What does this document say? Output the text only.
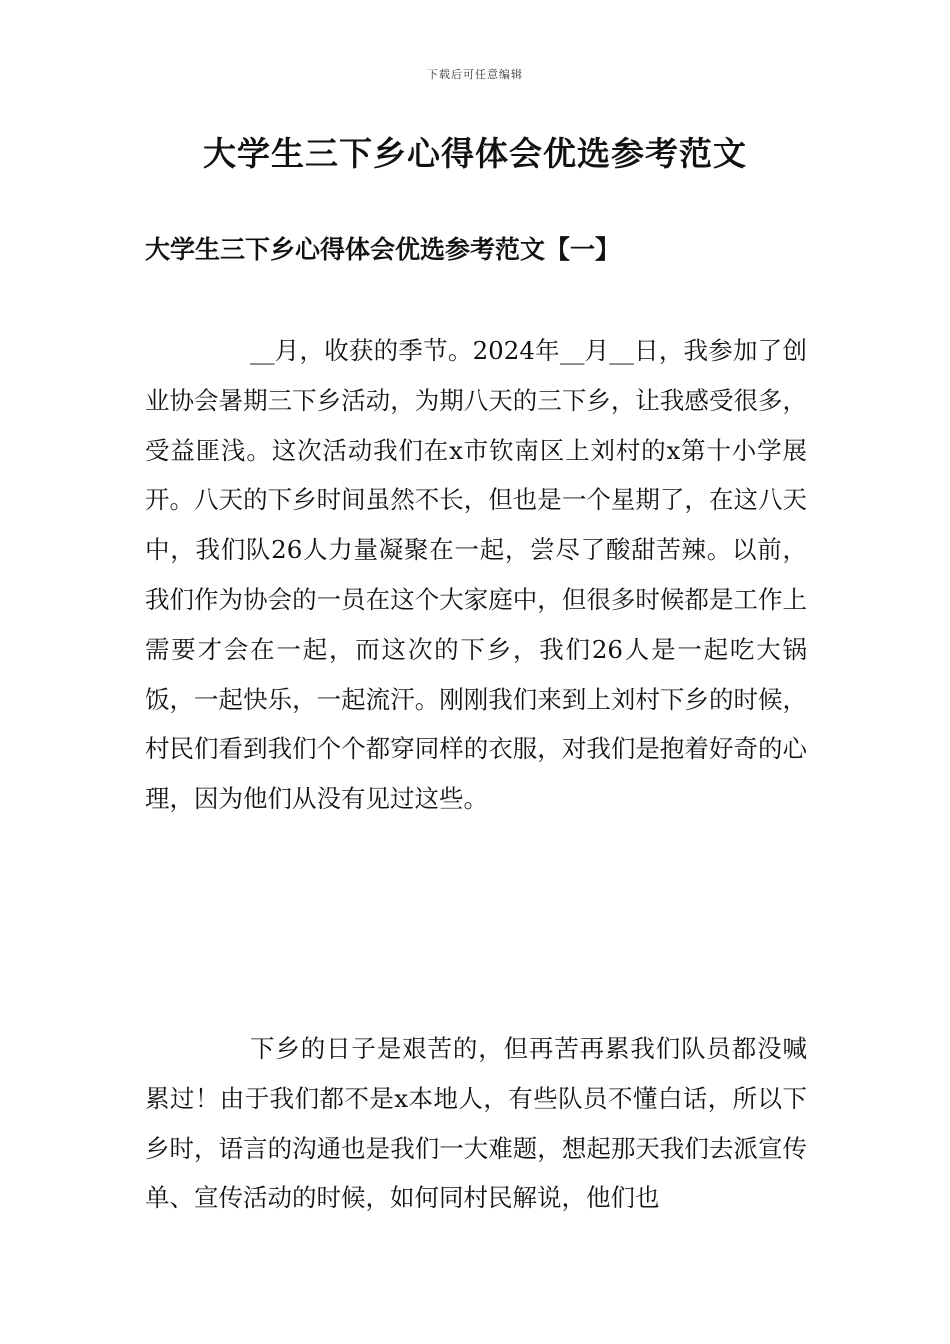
下载后可任意编辑
大学生三下乡心得体会优选参考范文
大学生三下乡心得体会优选参考范文【一】

__月，收获的季节。2024年__月__日，我参加了创业协会暑期三下乡活动，为期八天的三下乡，让我感受很多，受益匪浅。这次活动我们在x市钦南区上刘村的x第十小学展开。八天的下乡时间虽然不长，但也是一个星期了，在这八天中，我们队26人力量凝聚在一起，尝尽了酸甜苦辣。以前，我们作为协会的一员在这个大家庭中，但很多时候都是工作上需要才会在一起，而这次的下乡，我们26人是一起吃大锅饭，一起快乐，一起流汗。刚刚我们来到上刘村下乡的时候，村民们看到我们个个都穿同样的衣服，对我们是抱着好奇的心理，因为他们从没有见过这些。

下乡的日子是艰苦的，但再苦再累我们队员都没喊累过！由于我们都不是x本地人，有些队员不懂白话，所以下乡时，语言的沟通也是我们一大难题，想起那天我们去派宣传单、宣传活动的时候，如何同村民解说，他们也
